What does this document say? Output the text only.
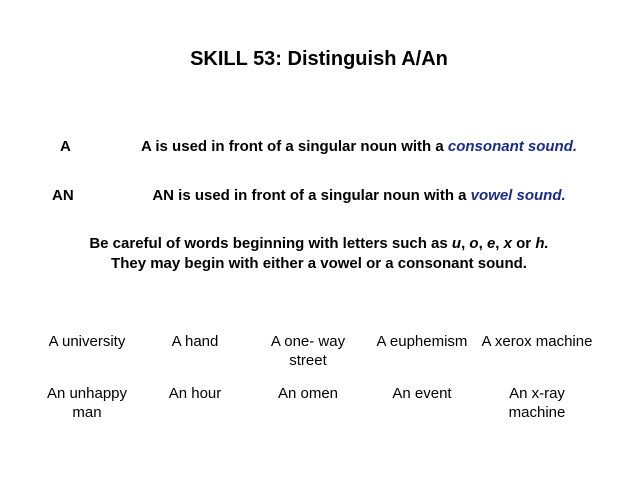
SKILL 53: Distinguish A/An
A	A is used in front of a singular noun with a consonant sound.
AN	AN is used in front of a singular noun with a vowel sound.
Be careful of words beginning with letters such as u, o, e, x or h.
They may begin with either a vowel or a consonant sound.
A university	A hand	A one- way street	A euphemism	A xerox machine
An unhappy man	An hour	An omen	An event	An x-ray machine
